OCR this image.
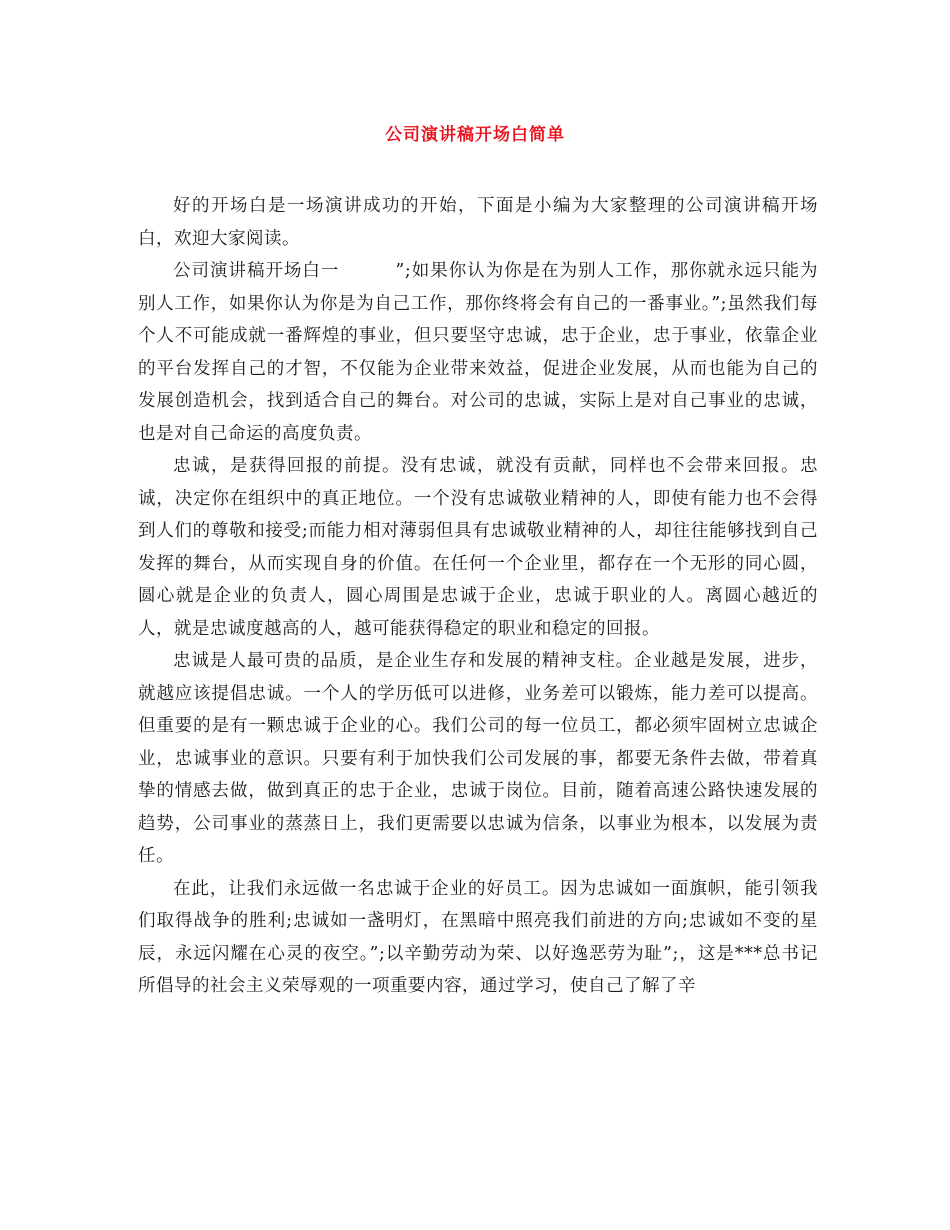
公司演讲稿开场白简单

好的开场白是一场演讲成功的开始，下面是小编为大家整理的公司演讲稿开场白，欢迎大家阅读。

公司演讲稿开场白一	”;如果你认为你是在为别人工作，那你就永远只能为别人工作，如果你认为你是为自己工作，那你终将会有自己的一番事业。”;虽然我们每个人不可能成就一番辉煌的事业，但只要坚守忠诚，忠于企业，忠于事业，依靠企业的平台发挥自己的才智，不仅能为企业带来效益，促进企业发展，从而也能为自己的发展创造机会，找到适合自己的舞台。对公司的忠诚，实际上是对自己事业的忠诚，也是对自己命运的高度负责。

忠诚，是获得回报的前提。没有忠诚，就没有贡献，同样也不会带来回报。忠诚，决定你在组织中的真正地位。一个没有忠诚敬业精神的人，即使有能力也不会得到人们的尊敬和接受;而能力相对薄弱但具有忠诚敬业精神的人，却往往能够找到自己发挥的舞台，从而实现自身的价值。在任何一个企业里，都存在一个无形的同心圆，圆心就是企业的负责人，圆心周围是忠诚于企业，忠诚于职业的人。离圆心越近的人，就是忠诚度越高的人，越可能获得稳定的职业和稳定的回报。

忠诚是人最可贵的品质，是企业生存和发展的精神支柱。企业越是发展，进步，就越应该提倡忠诚。一个人的学历低可以进修，业务差可以锻炼，能力差可以提高。但重要的是有一颗忠诚于企业的心。我们公司的每一位员工，都必须牢固树立忠诚企业，忠诚事业的意识。只要有利于加快我们公司发展的事，都要无条件去做，带着真挚的情感去做，做到真正的忠于企业，忠诚于岗位。目前，随着高速公路快速发展的趋势，公司事业的蒸蒸日上，我们更需要以忠诚为信条，以事业为根本，以发展为责任。

在此，让我们永远做一名忠诚于企业的好员工。因为忠诚如一面旗帜，能引领我们取得战争的胜利;忠诚如一盏明灯，在黑暗中照亮我们前进的方向;忠诚如不变的星辰，永远闪耀在心灵的夜空。”;以辛勤劳动为荣、以好逸恶劳为耻”;，这是***总书记所倡导的社会主义荣辱观的一项重要内容，通过学习，使自己了解了辛
